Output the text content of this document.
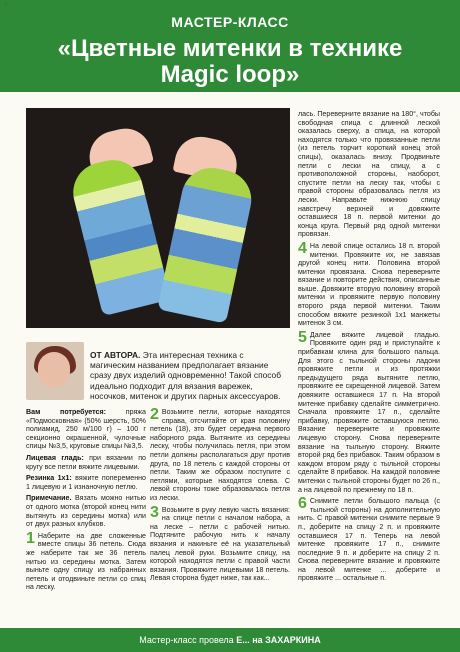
МАСТЕР-КЛАСС
«Цветные митенки в технике
Magic loop»
6
ОТ АВТОРА. Эта интересная техника с магическим названием предполагает вязание сразу двух изделий одновременно! Такой способ идеально подходит для вязания варежек, носочков, митенок и других парных аксессуаров.

Вам потребуется:	пряжа «Подмосковная» (50% шерсть, 50% полиамид, 250 м/100 г) – 100 г секционно окрашенной, чулочные спицы №3,5, круговые спицы №3,5.

Лицевая гладь: при вязании по кругу все петли вяжите лицевыми.

Резинка 1х1: вяжите попеременно 1 лицевую и 1 изнаночную петлю.

Примечание. Вязать можно нитью от одного мотка (второй конец нити вытянуть из середины мотка) или от двух разных клубков.

1 Наберите на две сложенные вместе спицы 36 петель. Сюда же наберите так же 36 петель нитью из середины мотка. Затем выньте одну спицу из набранных петель и отодвиньте петли со спиц на леску.

2 Возьмите петли, которые находятся справа, отсчитайте от края половину петель (18), это будет середина первого наборного ряда. Вытяните из середины леску, чтобы получилась петля, при этом петли должны располагаться друг против друга, по 18 петель с каждой стороны от петли. Таким же образом поступите с петлями, которые находятся слева. С левой стороны тоже образовалась петля из лески.

3 Возьмите в руку левую часть вязания: на спице петли с началом набора, а на леске – петли с рабочей нитью. Подтяните рабочую нить к началу вязания и накиньте её на указательный палец левой руки. Возьмите спицу, на которой находятся петли с правой части вязания. Провяжите лицевыми 18 петель. Левая сторона будет ниже, так как...

лась. Переверните вязание на 180°, чтобы свободная спица с длинной леской оказалась сверху, а спица, на которой находятся только что провязанные петли (из петель торчит короткий конец этой спицы), оказалась внизу. Продвиньте петли с лески на спицу, а с противоположной стороны, наоборот, спустите петли на леску так, чтобы с правой стороны образовалась петля из лески. Направьте нижнюю спицу навстречу верхней и довяжите оставшиеся 18 п. первой митенки до конца круга. Первый ряд одной митенки провязан.

4 На левой спице остались 18 п. второй митенки. Провяжите их, не завязав другой конец нити. Половина второй митенки провязана. Снова переверните вязание и повторите действия, описанные выше. Довяжите вторую половину второй митенки и провяжите первую половину второго ряда первой митенки. Таким способом вяжите резинкой 1х1 манжеты митенок 3 см.

5 Далее вяжите лицевой гладью. Провяжите один ряд и приступайте к прибавкам клина для большого пальца. Для этого с тыльной стороны ладони провяжите петли и из протяжки предыдущего ряда вытяните петлю, провяжите ее скрещенной лицевой. Затем довяжите оставшиеся 17 п. На второй митенке прибавку сделайте симметрично. Сначала провяжите 17 п., сделайте прибавку, провяжите оставшуюся петлю. Вязание переверните и провяжите лицевую сторону. Снова переверните вязание на тыльную сторону. Вяжите второй ряд без прибавок. Таким образом в каждом втором ряду с тыльной стороны сделайте 8 прибавок. На каждой половине митенки с тыльной стороны будет по 26 п., а на лицевой по прежнему по 18 п.

6 Снимите петли большого пальца (с тыльной стороны) на дополнительную нить. С правой митенки снимите первые 9 п., доберите на спицу 2 п. и провяжите оставшиеся 17 п. Теперь на левой митенке провяжите 17 п., снимите последние 9 п. и доберите на спицу 2 п. Снова переверните вязание и провяжите на левой митенке ... доберите и провяжите ... остальные п.

Мастер-класс провела Е... на ЗАХАРКИНА
